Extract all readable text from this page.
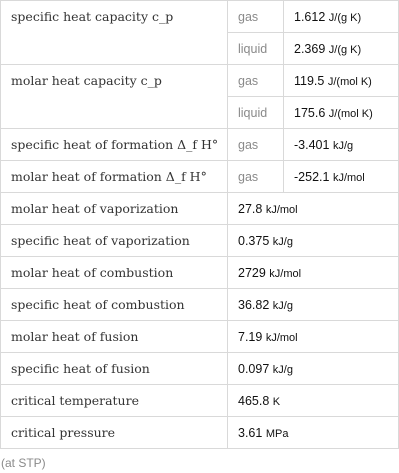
specific heat capacity c_p	gas	1.612 J/(g K)
	liquid	2.369 J/(g K)
molar heat capacity c_p	gas	119.5 J/(mol K)
	liquid	175.6 J/(mol K)
specific heat of formation Δ_f H°	gas	-3.401 kJ/g
molar heat of formation Δ_f H°	gas	-252.1 kJ/mol
molar heat of vaporization	27.8 kJ/mol	
specific heat of vaporization	0.375 kJ/g	
molar heat of combustion	2729 kJ/mol	
specific heat of combustion	36.82 kJ/g	
molar heat of fusion	7.19 kJ/mol	
specific heat of fusion	0.097 kJ/g	
critical temperature	465.8 K	
critical pressure	3.61 MPa	
(at STP)
